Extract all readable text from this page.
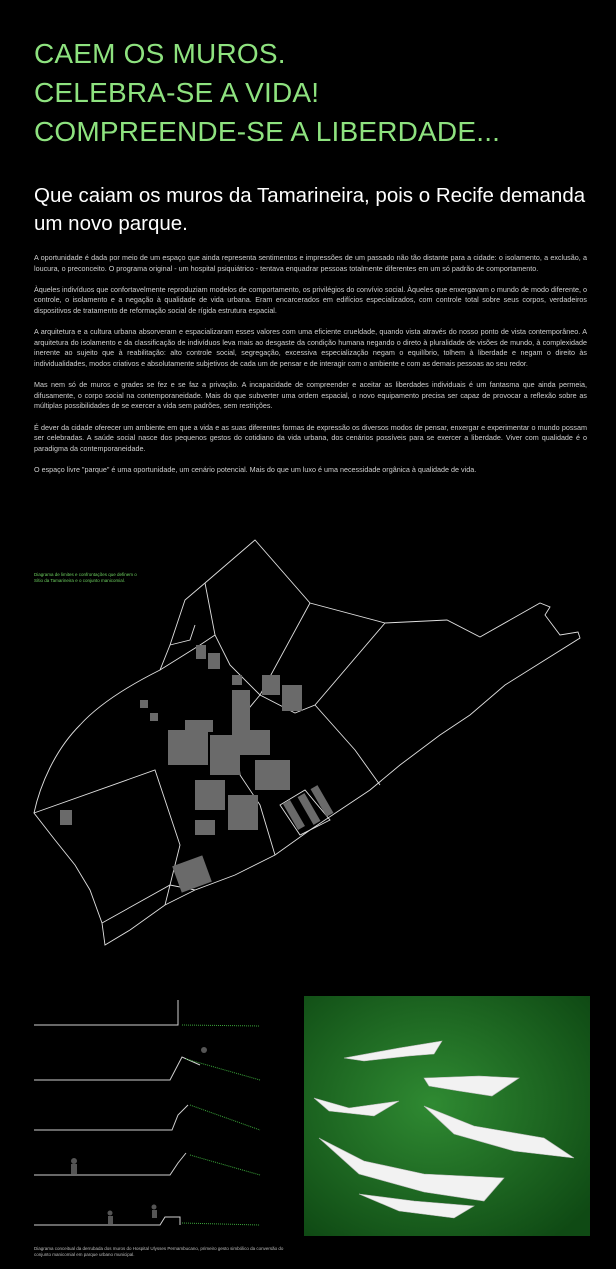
CAEM OS MUROS.
CELEBRA-SE A VIDA!
COMPREENDE-SE A LIBERDADE...
Que caiam os muros da Tamarineira, pois o Recife demanda um novo parque.

A oportunidade é dada por meio de um espaço que ainda representa sentimentos e impressões de um passado não tão distante para a cidade: o isolamento, a exclusão, a loucura, o preconceito. O programa original - um hospital psiquiátrico - tentava enquadrar pessoas totalmente diferentes em um só padrão de comportamento.

Àqueles indivíduos que confortavelmente reproduziam modelos de comportamento, os privilégios do convívio social. Àqueles que enxergavam o mundo de modo diferente, o controle, o isolamento e a negação à qualidade de vida urbana. Eram encarcerados em edifícios especializados, com controle total sobre seus corpos, verdadeiros dispositivos de tratamento de reformação social de rígida estrutura espacial.

A arquitetura e a cultura urbana absorveram e espacializaram esses valores com uma eficiente crueldade, quando vista através do nosso ponto de vista contemporâneo. A arquitetura do isolamento e da classificação de indivíduos leva mais ao desgaste da condição humana negando o direto à pluralidade de visões de mundo, à complexidade inerente ao sujeito que à reabilitação: alto controle social, segregação, excessiva especialização negam o equilíbrio, tolhem à liberdade e negam o direito às individualidades, modos criativos e absolutamente subjetivos de cada um de pensar e de interagir com o ambiente e com as demais pessoas ao seu redor.

Mas nem só de muros e grades se fez e se faz a privação. A incapacidade de compreender e aceitar as liberdades individuais é um fantasma que ainda permeia, difusamente, o corpo social na contemporaneidade. Mais do que subverter uma ordem espacial, o novo equipamento precisa ser capaz de provocar a reflexão sobre as múltiplas possibilidades de se exercer a vida sem padrões, sem restrições.

É dever da cidade oferecer um ambiente em que a vida e as suas diferentes formas de expressão os diversos modos de pensar, enxergar e experimentar o mundo possam ser celebradas. A saúde social nasce dos pequenos gestos do cotidiano da vida urbana, dos cenários possíveis para se exercer a liberdade. Viver com qualidade é o paradigma da contemporaneidade.

O espaço livre "parque" é uma oportunidade, um cenário potencial. Mais do que um luxo é uma necessidade orgânica à qualidade de vida.

Diagrama de limites e confrontações que definem o Sítio da Tamarineira e o conjunto manicomial.
Diagrama conceitual da derrubada dos muros do Hospital Ulysses Pernambucano, primeiro gesto simbólico da conversão do conjunto manicomial em parque urbano municipal.
